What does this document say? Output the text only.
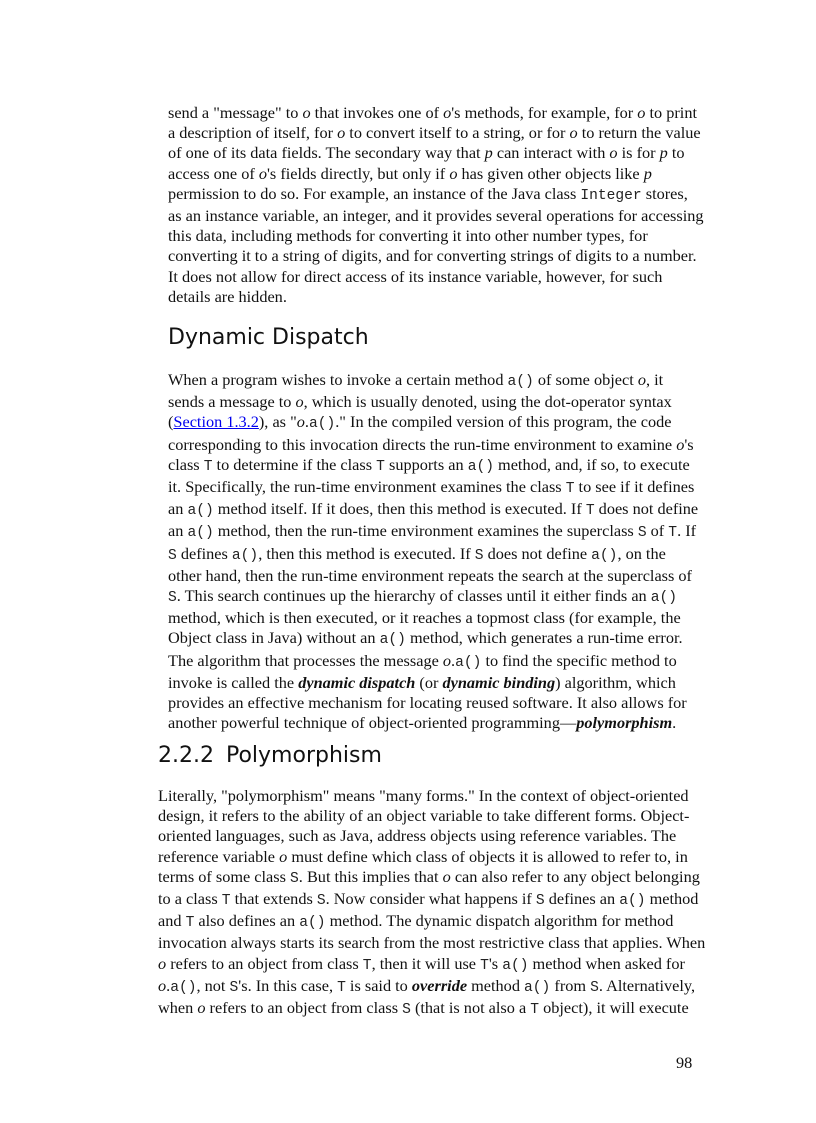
send a "message" to o that invokes one of o's methods, for example, for o to print
a description of itself, for o to convert itself to a string, or for o to return the value
of one of its data fields. The secondary way that p can interact with o is for p to
access one of o's fields directly, but only if o has given other objects like p
permission to do so. For example, an instance of the Java class Integer stores,
as an instance variable, an integer, and it provides several operations for accessing
this data, including methods for converting it into other number types, for
converting it to a string of digits, and for converting strings of digits to a number.
It does not allow for direct access of its instance variable, however, for such
details are hidden.
Dynamic Dispatch
When a program wishes to invoke a certain method a() of some object o, it
sends a message to o, which is usually denoted, using the dot-operator syntax
(Section 1.3.2), as "o.a()." In the compiled version of this program, the code
corresponding to this invocation directs the run-time environment to examine o's
class T to determine if the class T supports an a() method, and, if so, to execute
it. Specifically, the run-time environment examines the class T to see if it defines
an a() method itself. If it does, then this method is executed. If T does not define
an a() method, then the run-time environment examines the superclass S of T. If
S defines a(), then this method is executed. If S does not define a(), on the
other hand, then the run-time environment repeats the search at the superclass of
S. This search continues up the hierarchy of classes until it either finds an a()
method, which is then executed, or it reaches a topmost class (for example, the
Object class in Java) without an a() method, which generates a run-time error.
The algorithm that processes the message o.a() to find the specific method to
invoke is called the dynamic dispatch (or dynamic binding) algorithm, which
provides an effective mechanism for locating reused software. It also allows for
another powerful technique of object-oriented programming—polymorphism.
2.2.2 Polymorphism
Literally, "polymorphism" means "many forms." In the context of object-oriented
design, it refers to the ability of an object variable to take different forms. Object-
oriented languages, such as Java, address objects using reference variables. The
reference variable o must define which class of objects it is allowed to refer to, in
terms of some class S. But this implies that o can also refer to any object belonging
to a class T that extends S. Now consider what happens if S defines an a() method
and T also defines an a() method. The dynamic dispatch algorithm for method
invocation always starts its search from the most restrictive class that applies. When
o refers to an object from class T, then it will use T's a() method when asked for
o.a(), not S's. In this case, T is said to override method a() from S. Alternatively,
when o refers to an object from class S (that is not also a T object), it will execute
98
